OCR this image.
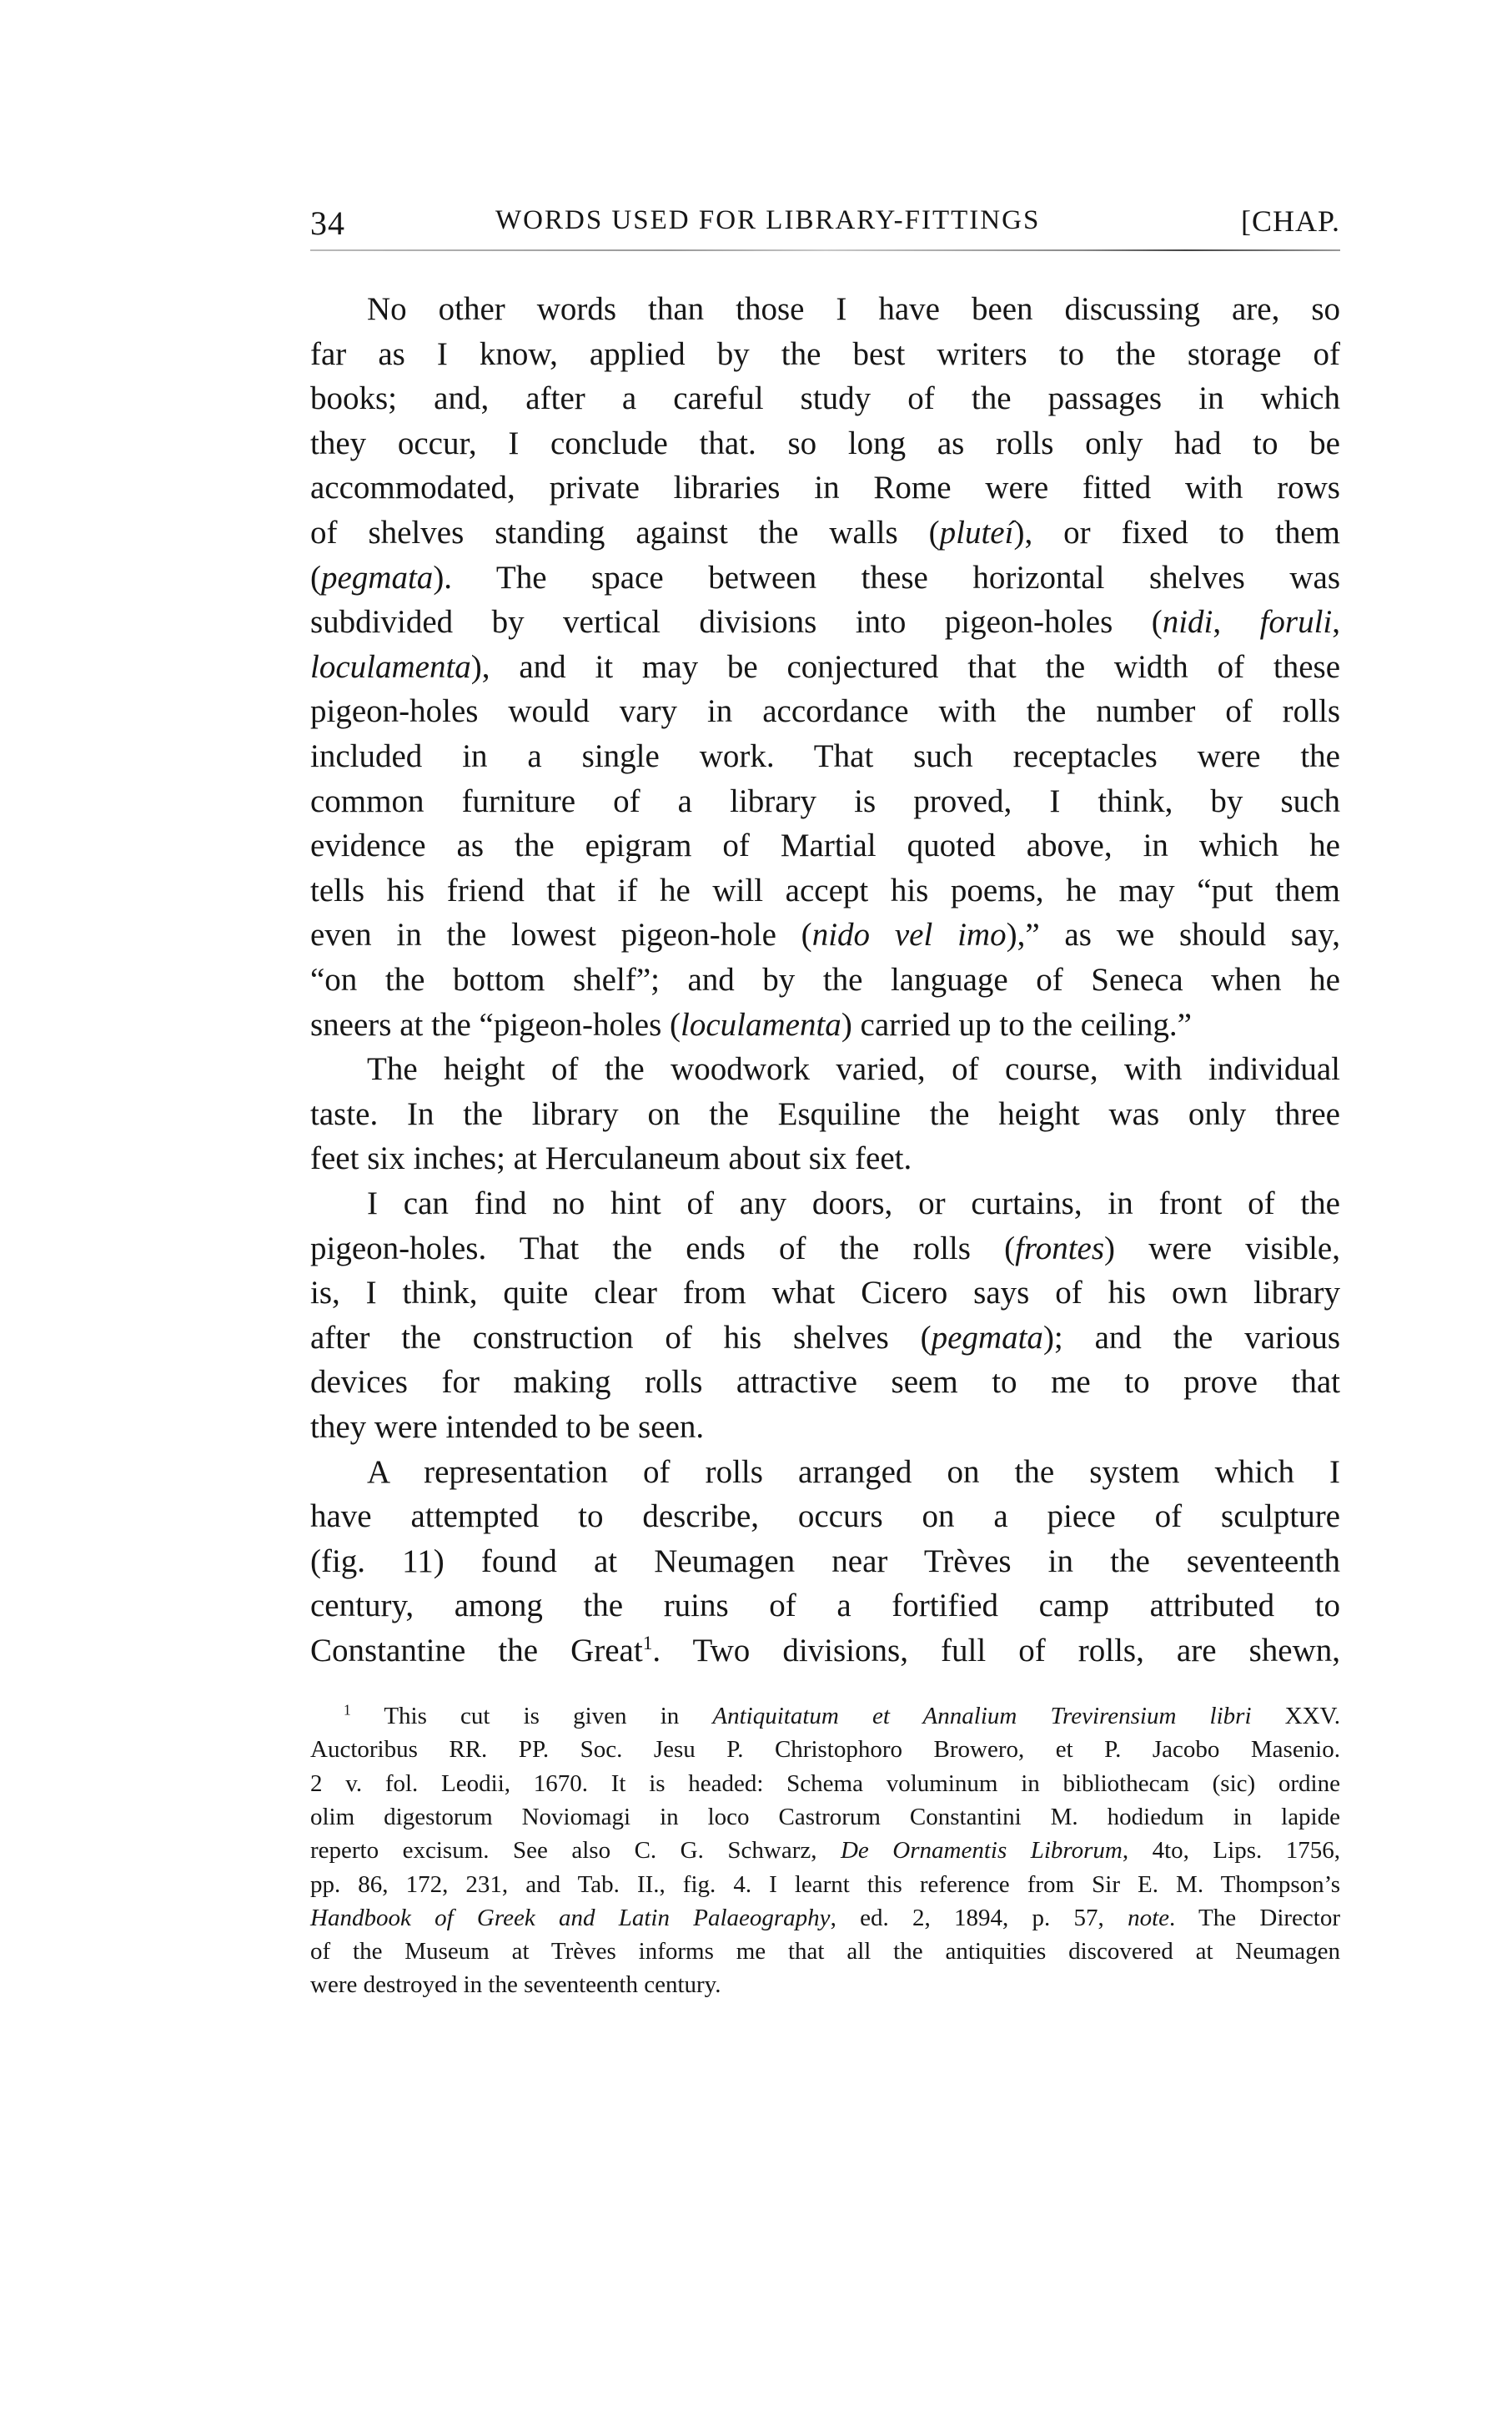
34	WORDS USED FOR LIBRARY-FITTINGS	[CHAP.
No other words than those I have been discussing are, so
far as I know, applied by the best writers to the storage of
books; and, after a careful study of the passages in which
they occur, I conclude that. so long as rolls only had to be
accommodated, private libraries in Rome were fitted with rows
of shelves standing against the walls (pluteí), or fixed to them
(pegmata). The space between these horizontal shelves was
subdivided by vertical divisions into pigeon-holes (nidi, foruli,
loculamenta), and it may be conjectured that the width of these
pigeon-holes would vary in accordance with the number of rolls
included in a single work. That such receptacles were the
common furniture of a library is proved, I think, by such
evidence as the epigram of Martial quoted above, in which he
tells his friend that if he will accept his poems, he may “put them
even in the lowest pigeon-hole (nido vel imo),” as we should say,
“on the bottom shelf”; and by the language of Seneca when he
sneers at the “pigeon-holes (loculamenta) carried up to the ceiling.”
The height of the woodwork varied, of course, with individual
taste. In the library on the Esquiline the height was only three
feet six inches; at Herculaneum about six feet.
I can find no hint of any doors, or curtains, in front of the
pigeon-holes. That the ends of the rolls (frontes) were visible,
is, I think, quite clear from what Cicero says of his own library
after the construction of his shelves (pegmata); and the various
devices for making rolls attractive seem to me to prove that
they were intended to be seen.
A representation of rolls arranged on the system which I
have attempted to describe, occurs on a piece of sculpture
(fig. 11) found at Neumagen near Trèves in the seventeenth
century, among the ruins of a fortified camp attributed to
Constantine the Great$^1$. Two divisions, full of rolls, are shewn,
$^1$ This cut is given in Antiquitatum et Annalium Trevirensium libri XXV.
Auctoribus RR. PP. Soc. Jesu P. Christophoro Browero, et P. Jacobo Masenio.
2 v. fol. Leodii, 1670. It is headed: Schema voluminum in bibliothecam (sic) ordine
olim digestorum Noviomagi in loco Castrorum Constantini M. hodiedum in lapide
reperto excisum. See also C. G. Schwarz, De Ornamentis Librorum, 4to, Lips. 1756,
pp. 86, 172, 231, and Tab. II., fig. 4. I learnt this reference from Sir E. M. Thompson’s
Handbook of Greek and Latin Palaeography, ed. 2, 1894, p. 57, note. The Director
of the Museum at Trèves informs me that all the antiquities discovered at Neumagen
were destroyed in the seventeenth century.
